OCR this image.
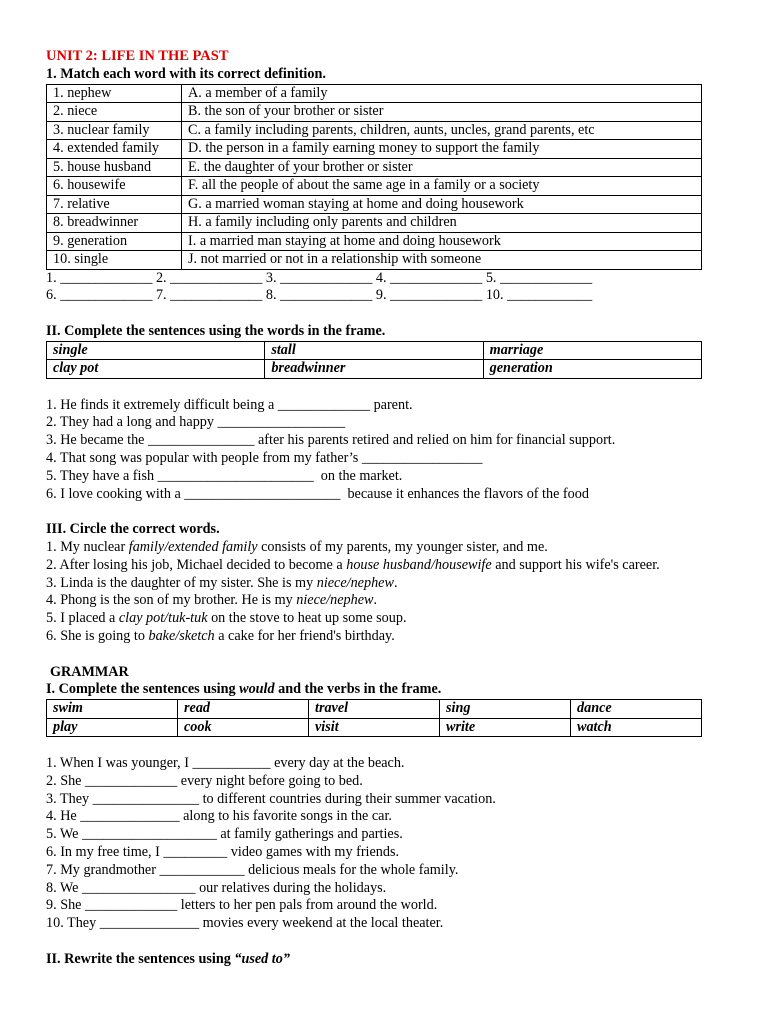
UNIT 2: LIFE IN THE PAST
1. Match each word with its correct definition.
1. nephew	A. a member of a family
2. niece	B. the son of your brother or sister
3. nuclear family	C. a family including parents, children, aunts, uncles, grand parents, etc
4. extended family	D. the person in a family earning money to support the family
5. house husband	E. the daughter of your brother or sister
6. housewife	F. all the people of about the same age in a family or a society
7. relative	G. a married woman staying at home and doing housework
8. breadwinner	H. a family including only parents and children
9. generation	I. a married man staying at home and doing housework
10. single	J. not married or not in a relationship with someone
1. _____________ 2. _____________ 3. _____________ 4. _____________ 5. _____________
6. _____________ 7. _____________ 8. _____________ 9. _____________ 10. ____________
II. Complete the sentences using the words in the frame.
single	stall	marriage
clay pot	breadwinner	generation
1. He finds it extremely difficult being a _____________ parent.
2. They had a long and happy __________________
3. He became the _______________ after his parents retired and relied on him for financial support.
4. That song was popular with people from my father’s _________________
5. They have a fish ______________________  on the market.
6. I love cooking with a ______________________  because it enhances the flavors of the food
III. Circle the correct words.
1. My nuclear family/extended family consists of my parents, my younger sister, and me.
2. After losing his job, Michael decided to become a house husband/housewife and support his wife's career.
3. Linda is the daughter of my sister. She is my niece/nephew.
4. Phong is the son of my brother. He is my niece/nephew.
5. I placed a clay pot/tuk-tuk on the stove to heat up some soup.
6. She is going to bake/sketch a cake for her friend's birthday.
GRAMMAR
I. Complete the sentences using would and the verbs in the frame.
swim	read	travel	sing	dance
play	cook	visit	write	watch
1. When I was younger, I ___________ every day at the beach.
2. She _____________ every night before going to bed.
3. They _______________ to different countries during their summer vacation.
4. He ______________ along to his favorite songs in the car.
5. We ___________________ at family gatherings and parties.
6. In my free time, I _________ video games with my friends.
7. My grandmother ____________ delicious meals for the whole family.
8. We ________________ our relatives during the holidays.
9. She _____________ letters to her pen pals from around the world.
10. They ______________ movies every weekend at the local theater.
II. Rewrite the sentences using “used to”
